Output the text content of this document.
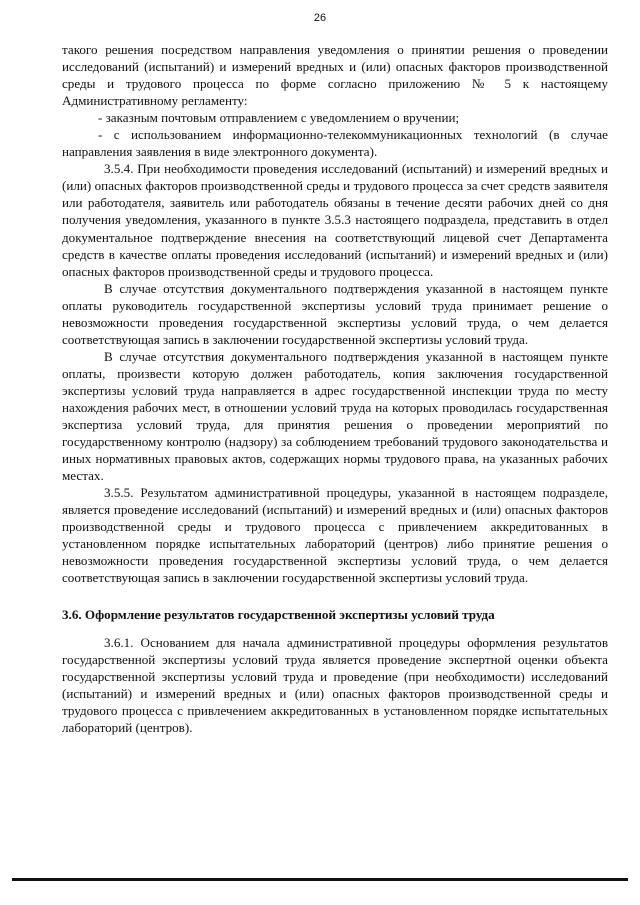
26

такого решения посредством направления уведомления о принятии решения о проведении исследований (испытаний) и измерений вредных и (или) опасных факторов производственной среды и трудового процесса по форме согласно приложению № 5 к настоящему Административному регламенту:

- заказным почтовым отправлением с уведомлением о вручении;

- с использованием информационно-телекоммуникационных технологий (в случае направления заявления в виде электронного документа).

3.5.4. При необходимости проведения исследований (испытаний) и измерений вредных и (или) опасных факторов производственной среды и трудового процесса за счет средств заявителя или работодателя, заявитель или работодатель обязаны в течение десяти рабочих дней со дня получения уведомления, указанного в пункте 3.5.3 настоящего подраздела, представить в отдел документальное подтверждение внесения на соответствующий лицевой счет Департамента средств в качестве оплаты проведения исследований (испытаний) и измерений вредных и (или) опасных факторов производственной среды и трудового процесса.

В случае отсутствия документального подтверждения указанной в настоящем пункте оплаты руководитель государственной экспертизы условий труда принимает решение о невозможности проведения государственной экспертизы условий труда, о чем делается соответствующая запись в заключении государственной экспертизы условий труда.

В случае отсутствия документального подтверждения указанной в настоящем пункте оплаты, произвести которую должен работодатель, копия заключения государственной экспертизы условий труда направляется в адрес государственной инспекции труда по месту нахождения рабочих мест, в отношении условий труда на которых проводилась государственная экспертиза условий труда, для принятия решения о проведении мероприятий по государственному контролю (надзору) за соблюдением требований трудового законодательства и иных нормативных правовых актов, содержащих нормы трудового права, на указанных рабочих местах.

3.5.5. Результатом административной процедуры, указанной в настоящем подразделе, является проведение исследований (испытаний) и измерений вредных и (или) опасных факторов производственной среды и трудового процесса с привлечением аккредитованных в установленном порядке испытательных лабораторий (центров) либо принятие решения о невозможности проведения государственной экспертизы условий труда, о чем делается соответствующая запись в заключении государственной экспертизы условий труда.

3.6. Оформление результатов государственной экспертизы условий труда

3.6.1. Основанием для начала административной процедуры оформления результатов государственной экспертизы условий труда является проведение экспертной оценки объекта государственной экспертизы условий труда и проведение (при необходимости) исследований (испытаний) и измерений вредных и (или) опасных факторов производственной среды и трудового процесса с привлечением аккредитованных в установленном порядке испытательных лабораторий (центров).
